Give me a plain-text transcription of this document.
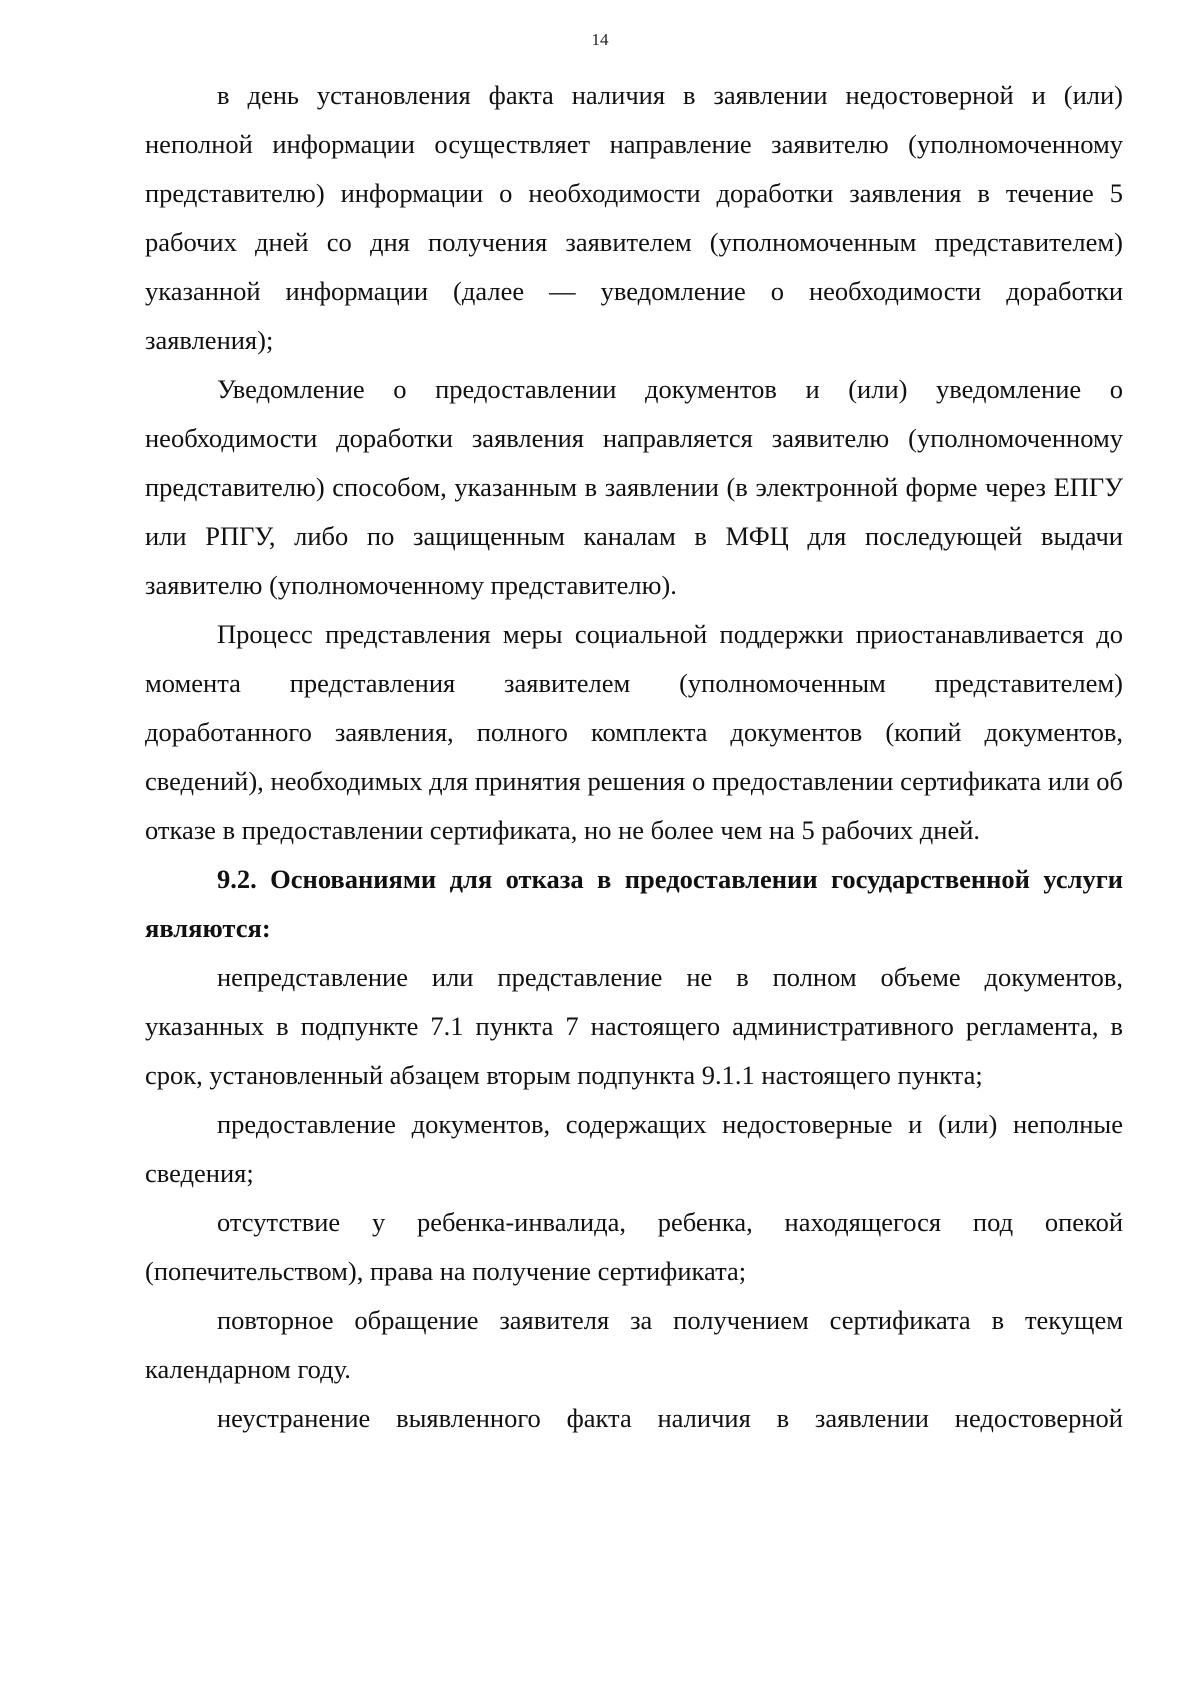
14

в день установления факта наличия в заявлении недостоверной и (или) неполной информации осуществляет направление заявителю (уполномоченному представителю) информации о необходимости доработки заявления в течение 5 рабочих дней со дня получения заявителем (уполномоченным представителем) указанной информации (далее — уведомление о необходимости доработки заявления);

Уведомление о предоставлении документов и (или) уведомление о необходимости доработки заявления направляется заявителю (уполномоченному представителю) способом, указанным в заявлении (в электронной форме через ЕПГУ или РПГУ, либо по защищенным каналам в МФЦ для последующей выдачи заявителю (уполномоченному представителю).

Процесс представления меры социальной поддержки приостанавливается до момента представления заявителем (уполномоченным представителем) доработанного заявления, полного комплекта документов (копий документов, сведений), необходимых для принятия решения о предоставлении сертификата или об отказе в предоставлении сертификата, но не более чем на 5 рабочих дней.

9.2. Основаниями для отказа в предоставлении государственной услуги являются:

непредставление или представление не в полном объеме документов, указанных в подпункте 7.1 пункта 7 настоящего административного регламента, в срок, установленный абзацем вторым подпункта 9.1.1 настоящего пункта;

предоставление документов, содержащих недостоверные и (или) неполные сведения;

отсутствие у ребенка-инвалида, ребенка, находящегося под опекой (попечительством), права на получение сертификата;

повторное обращение заявителя за получением сертификата в текущем календарном году.

неустранение выявленного факта наличия в заявлении недостоверной
